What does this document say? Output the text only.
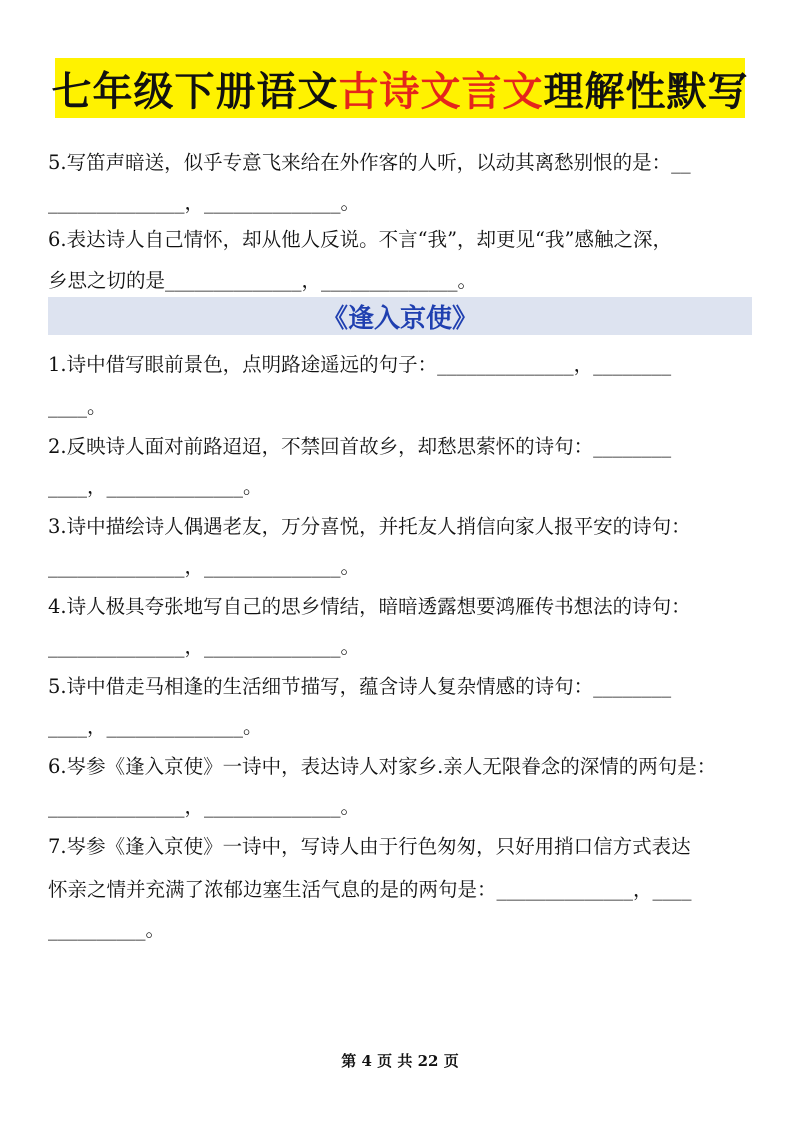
七年级下册语文 古诗文言文 理解性默写
5.写笛声暗送，似乎专意飞来给在外作客的人听，以动其离愁别恨的是：__
______________，______________。
6.表达诗人自己情怀，却从他人反说。不言“我”，却更见“我”感触之深，
乡思之切的是______________，______________。
《逢入京使》
1.诗中借写眼前景色，点明路途遥远的句子：______________，________
____。
2.反映诗人面对前路迢迢，不禁回首故乡，却愁思萦怀的诗句：________
____，______________。
3.诗中描绘诗人偶遇老友，万分喜悦，并托友人捎信向家人报平安的诗句：
______________，______________。
4.诗人极具夸张地写自己的思乡情结，暗暗透露想要鸿雁传书想法的诗句：
______________，______________。
5.诗中借走马相逢的生活细节描写，蕴含诗人复杂情感的诗句：________
____，______________。
6.岑参《逢入京使》一诗中，表达诗人对家乡.亲人无限眷念的深情的两句是：
______________，______________。
7.岑参《逢入京使》一诗中，写诗人由于行色匆匆，只好用捎口信方式表达
怀亲之情并充满了浓郁边塞生活气息的是的两句是：______________，____
__________。
第 4 页 共 22 页
